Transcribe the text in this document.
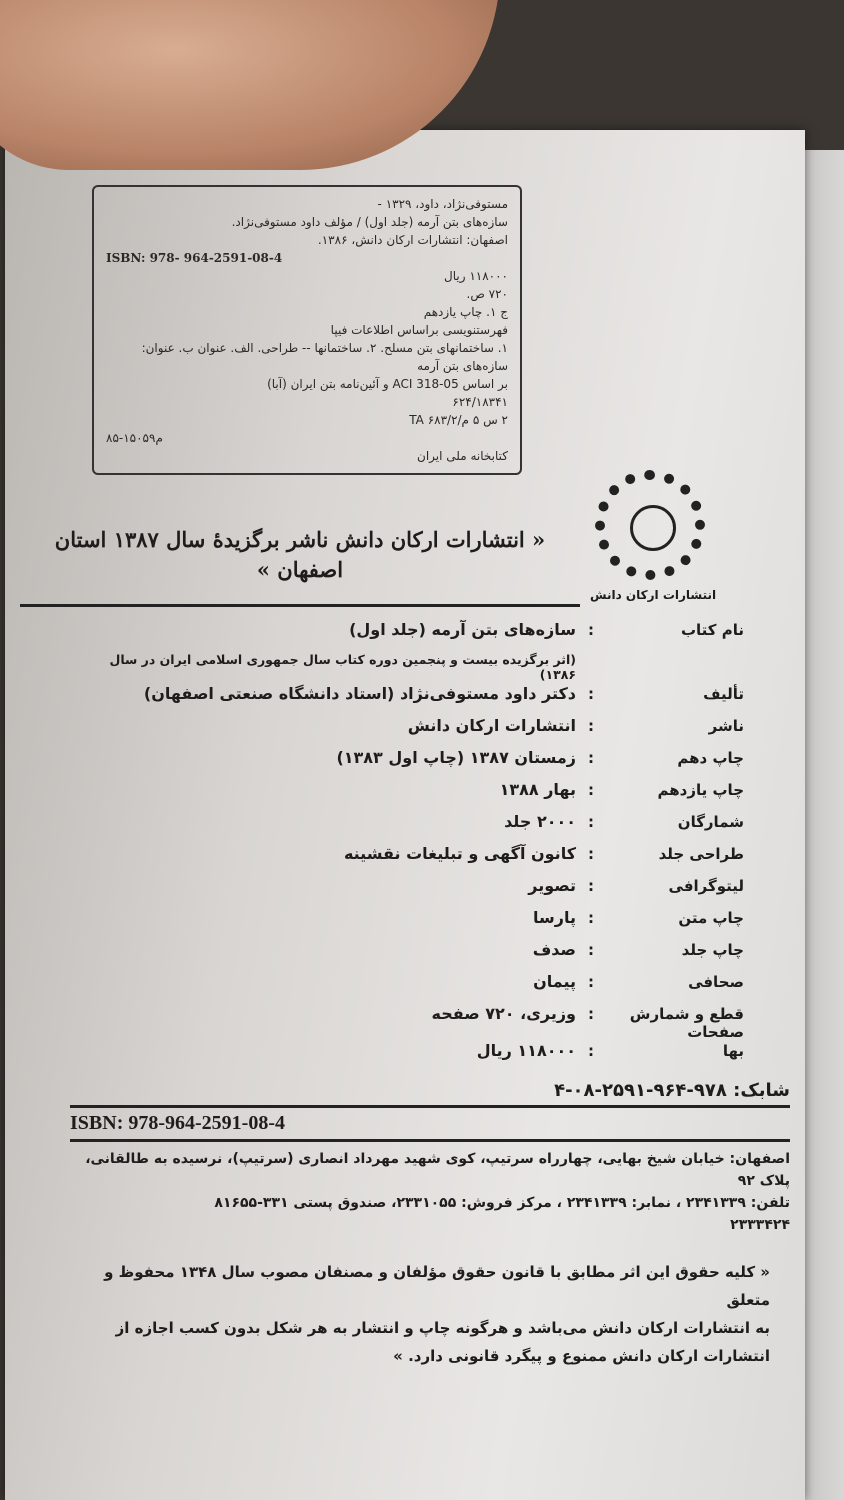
مستوفی‌نژاد، داود، ۱۳۲۹ -
سازه‌های بتن آرمه (جلد اول) / مؤلف داود مستوفی‌نژاد.
اصفهان: انتشارات ارکان دانش، ۱۳۸۶.
ISBN: 978- 964-2591-08-4
۱۱۸۰۰۰ ریال
۷۲۰ ص.
ج ۱. چاپ یازدهم
فهرستنویسی براساس اطلاعات فیپا
۱. ساختمانهای بتن مسلح. ۲. ساختمانها -- طراحی. الف. عنوان ب. عنوان: سازه‌های بتن آرمه
بر اساس ACI 318-05 و آئین‌نامه بتن ایران (آبا)
۶۲۴/۱۸۳۴۱
۲ س ۵ م/۶۸۳/۲ TA
۸۵-۱۵۰۵۹م
کتابخانه ملی ایران
انتشارات ارکان دانش
« انتشارات ارکان دانش ناشر برگزیدهٔ سال ۱۳۸۷ استان اصفهان »
نام کتاب
:
سازه‌های بتن آرمه (جلد اول)
(اثر برگزیده بیست و پنجمین دوره کتاب سال جمهوری اسلامی ایران در سال ۱۳۸۶)
تألیف
:
دکتر داود مستوفی‌نژاد (استاد دانشگاه صنعتی اصفهان)
ناشر
:
انتشارات ارکان دانش
چاپ دهم
:
زمستان ۱۳۸۷ (چاپ اول ۱۳۸۳)
چاپ یازدهم
:
بهار ۱۳۸۸
شمارگان
:
۲۰۰۰ جلد
طراحی جلد
:
کانون آگهی و تبلیغات نقشینه
لیتوگرافی
:
تصویر
چاپ متن
:
پارسا
چاپ جلد
:
صدف
صحافی
:
پیمان
قطع و شمارش صفحات
:
وزیری، ۷۲۰ صفحه
بها
:
۱۱۸۰۰۰ ریال
شابک: ۹۷۸-۹۶۴-۲۵۹۱-۰۸-۴
ISBN: 978-964-2591-08-4
اصفهان: خیابان شیخ بهایی، چهارراه سرتیپ، کوی شهید مهرداد انصاری (سرتیپ)، نرسیده به طالقانی، پلاک ۹۲
تلفن: ۲۳۴۱۳۳۹ ، نمابر: ۲۳۴۱۳۳۹ ، مرکز فروش: ۲۳۳۱۰۵۵، صندوق پستی ۳۳۱-۸۱۶۵۵
۲۳۳۳۴۲۴
« کلیه حقوق این اثر مطابق با قانون حقوق مؤلفان و مصنفان مصوب سال ۱۳۴۸ محفوظ و متعلق
به انتشارات ارکان دانش می‌باشد و هرگونه چاپ و انتشار به هر شکل بدون کسب اجازه از
انتشارات ارکان دانش ممنوع و پیگرد قانونی دارد. »
